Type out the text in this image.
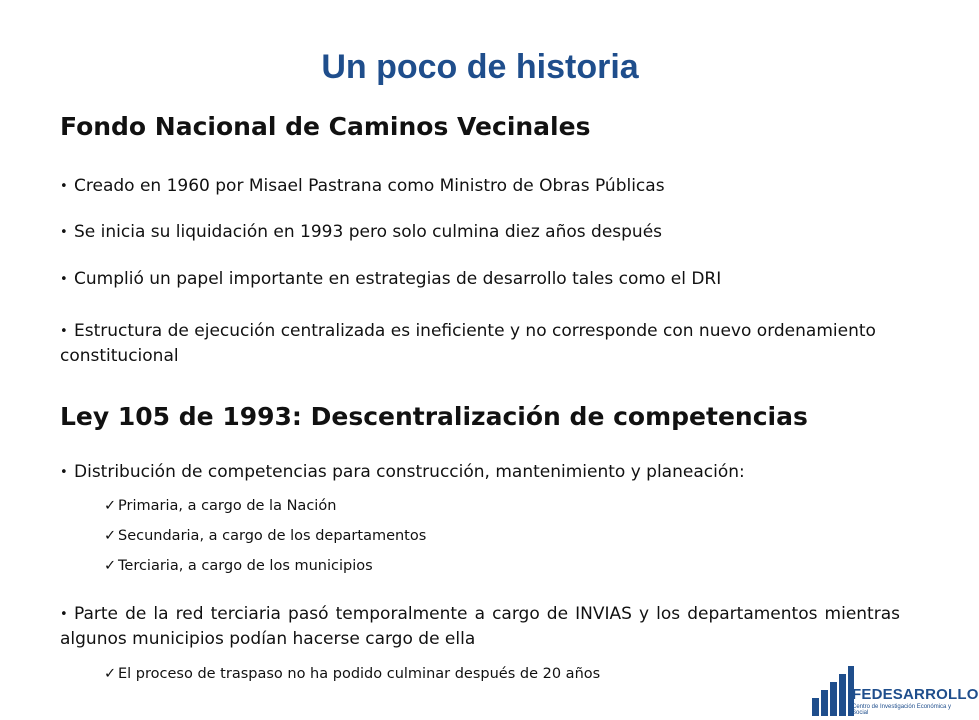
Un poco de historia
Fondo Nacional de Caminos Vecinales

• Creado en 1960 por Misael Pastrana como Ministro de Obras Públicas

• Se inicia su liquidación en 1993 pero solo culmina diez años después

• Cumplió un papel importante en estrategias de desarrollo tales como el DRI

• Estructura de ejecución centralizada es ineficiente y no corresponde con nuevo ordenamiento constitucional

Ley 105 de 1993: Descentralización de competencias

• Distribución de competencias para construcción, mantenimiento y planeación:

✓ Primaria, a cargo de la Nación

✓ Secundaria, a cargo de los departamentos

✓ Terciaria, a cargo de los municipios

• Parte de la red terciaria pasó temporalmente a cargo de INVIAS y los departamentos mientras algunos municipios podían hacerse cargo de ella

✓ El proceso de traspaso no ha podido culminar después de 20 años

FEDESARROLLO
Centro de Investigación Económica y Social
